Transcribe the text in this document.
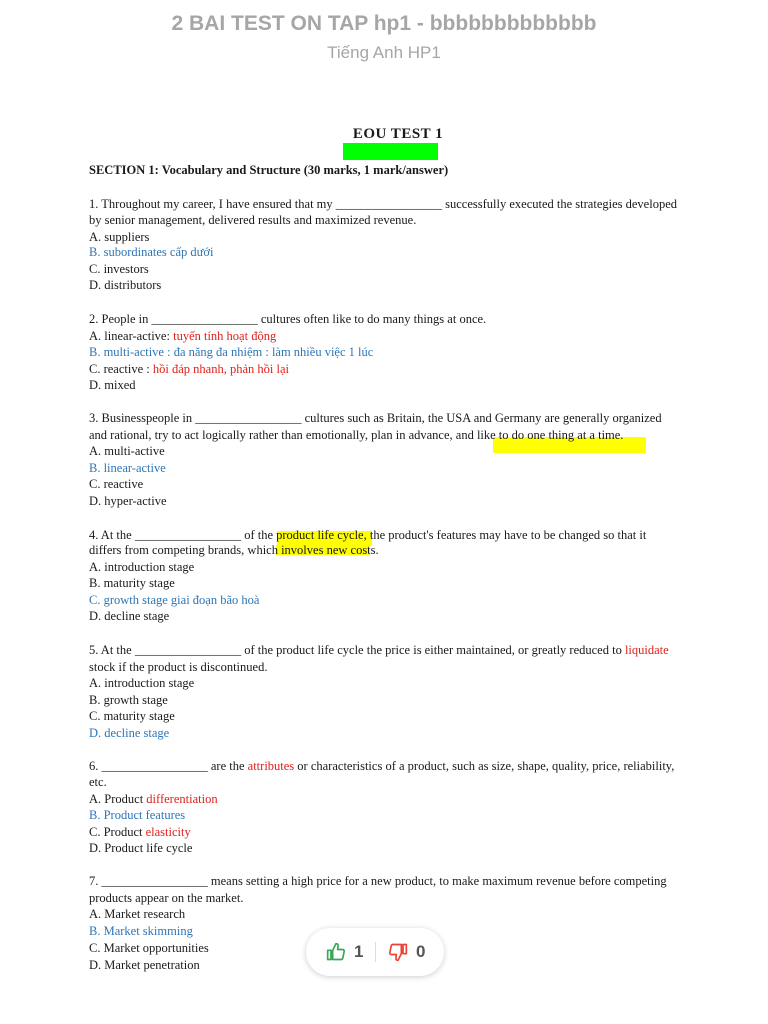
2 BAI TEST ON TAP hp1 - bbbbbbbbbbbbb
Tiếng Anh HP1
EOU TEST 1
SECTION 1: Vocabulary and Structure (30 marks, 1 mark/answer)
1. Throughout my career, I have ensured that my _________________ successfully executed the strategies developed
by senior management, delivered results and maximized revenue.
A. suppliers
B. subordinates cấp dưới
C. investors
D. distributors
2. People in _________________ cultures often like to do many things at once.
A. linear-active: tuyến tính hoạt động
B. multi-active : đa năng đa nhiệm : làm nhiều việc 1 lúc
C. reactive : hồi đáp nhanh, phản hồi lại
D. mixed
3. Businesspeople in _________________ cultures such as Britain, the USA and Germany are generally organized
and rational, try to act logically rather than emotionally, plan in advance, and like to do one thing at a time.
A. multi-active
B. linear-active
C. reactive
D. hyper-active
4. At the _________________ of the product life cycle, the product's features may have to be changed so that it
differs from competing brands, which involves new costs.
A. introduction stage
B. maturity stage
C. growth stage giai đoạn bão hoà
D. decline stage
5. At the _________________ of the product life cycle the price is either maintained, or greatly reduced to liquidate
stock if the product is discontinued.
A. introduction stage
B. growth stage
C. maturity stage
D. decline stage
6. _________________ are the attributes or characteristics of a product, such as size, shape, quality, price, reliability,
etc.
A. Product differentiation
B. Product features
C. Product elasticity
D. Product life cycle
7. _________________ means setting a high price for a new product, to make maximum revenue before competing
products appear on the market.
A. Market research
B. Market skimming
C. Market opportunities
D. Market penetration
1	0
